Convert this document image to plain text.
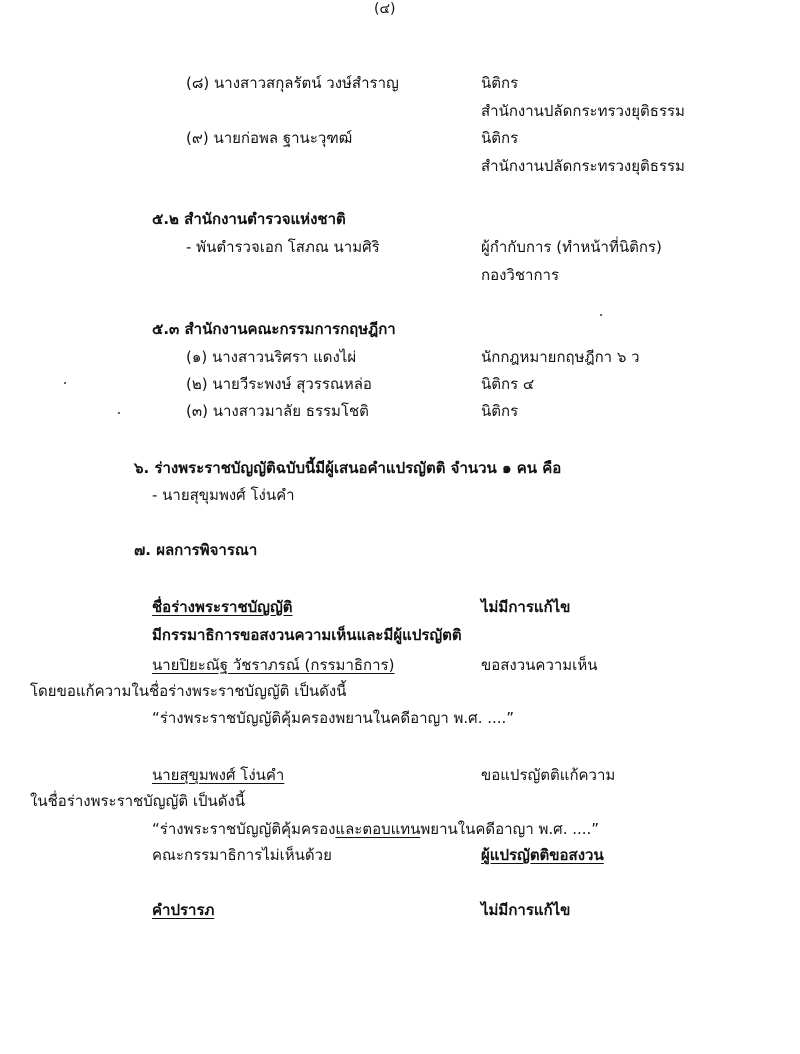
(๔)
(๘) นางสาวสกุลรัตน์ วงษ์สำราญ	นิติกร
สำนักงานปลัดกระทรวงยุติธรรม
(๙) นายก่อพล ฐานะวุฑฒ์	นิติกร
สำนักงานปลัดกระทรวงยุติธรรม
๕.๒ สำนักงานตำรวจแห่งชาติ
- พันตำรวจเอก โสภณ นามศิริ	ผู้กำกับการ (ทำหน้าที่นิติกร)
กองวิชาการ
๕.๓ สำนักงานคณะกรรมการกฤษฎีกา
(๑) นางสาวนริศรา แดงไผ่	นักกฎหมายกฤษฎีกา ๖ ว
(๒) นายวีระพงษ์ สุวรรณหล่อ	นิติกร ๔
(๓) นางสาวมาลัย ธรรมโชติ	นิติกร
๖. ร่างพระราชบัญญัติฉบับนี้มีผู้เสนอคำแปรญัตติ จำนวน ๑ คน คือ
- นายสุขุมพงศ์ โง่นคำ
๗. ผลการพิจารณา
ชื่อร่างพระราชบัญญัติ	ไม่มีการแก้ไข
มีกรรมาธิการขอสงวนความเห็นและมีผู้แปรญัตติ
นายปิยะณัฐ วัชราภรณ์ (กรรมาธิการ)	ขอสงวนความเห็น
โดยขอแก้ความในชื่อร่างพระราชบัญญัติ เป็นดังนี้
“ร่างพระราชบัญญัติคุ้มครองพยานในคดีอาญา พ.ศ. ....”
นายสุขุมพงศ์ โง่นคำ	ขอแปรญัตติแก้ความ
ในชื่อร่างพระราชบัญญัติ เป็นดังนี้
“ร่างพระราชบัญญัติคุ้มครองและตอบแทนพยานในคดีอาญา พ.ศ. ....”
คณะกรรมาธิการไม่เห็นด้วย	ผู้แปรญัตติขอสงวน
คำปรารภ	ไม่มีการแก้ไข
